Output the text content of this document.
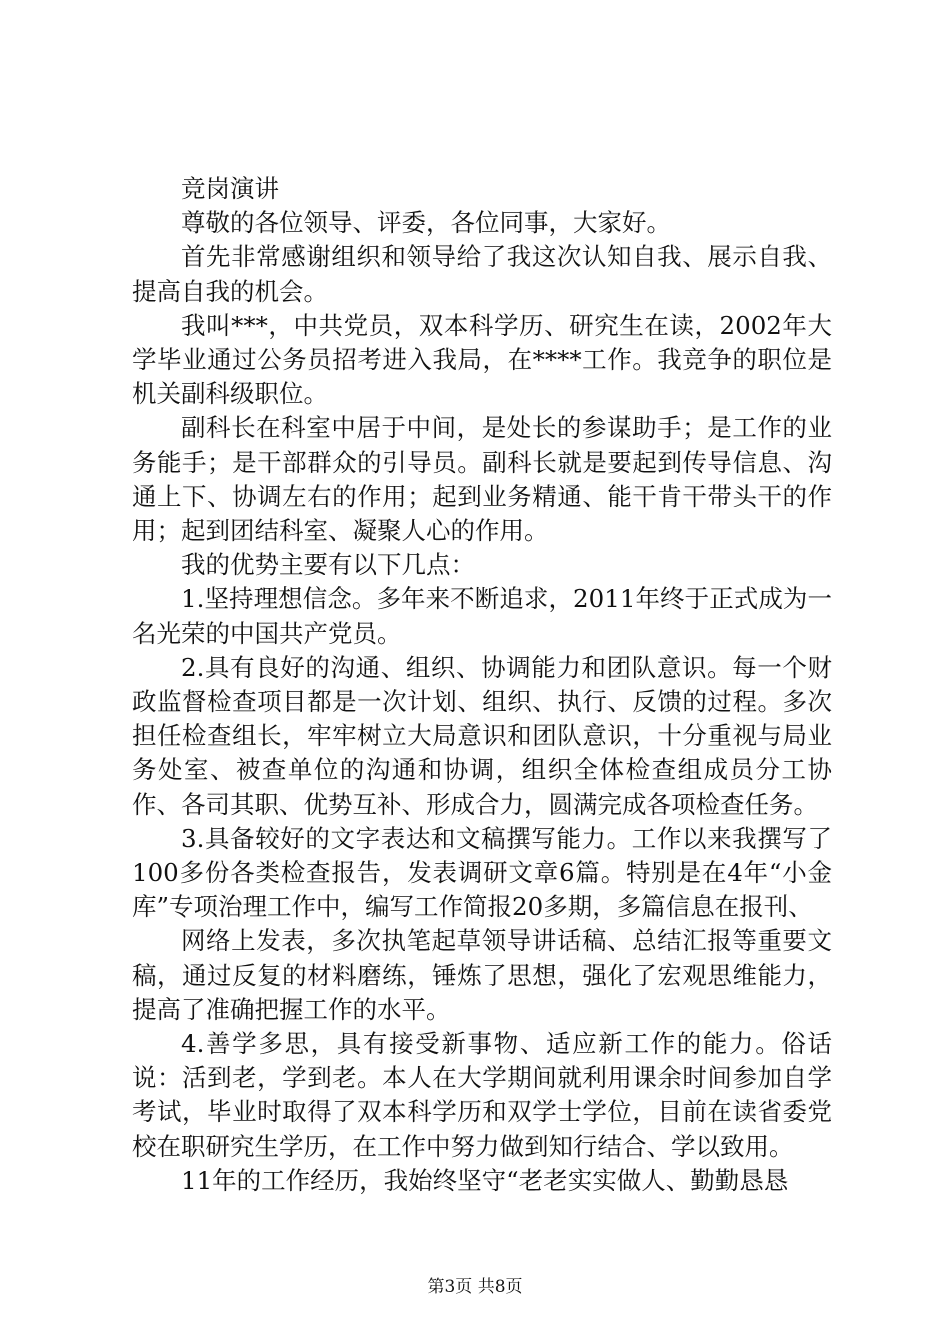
竞岗演讲

尊敬的各位领导、评委，各位同事，大家好。

首先非常感谢组织和领导给了我这次认知自我、展示自我、提高自我的机会。

我叫***，中共党员，双本科学历、研究生在读，2002年大学毕业通过公务员招考进入我局，在****工作。我竞争的职位是机关副科级职位。

副科长在科室中居于中间，是处长的参谋助手；是工作的业务能手；是干部群众的引导员。副科长就是要起到传导信息、沟通上下、协调左右的作用；起到业务精通、能干肯干带头干的作用；起到团结科室、凝聚人心的作用。

我的优势主要有以下几点：

1.坚持理想信念。多年来不断追求，2011年终于正式成为一名光荣的中国共产党员。

2.具有良好的沟通、组织、协调能力和团队意识。每一个财政监督检查项目都是一次计划、组织、执行、反馈的过程。多次担任检查组长，牢牢树立大局意识和团队意识，十分重视与局业务处室、被查单位的沟通和协调，组织全体检查组成员分工协作、各司其职、优势互补、形成合力，圆满完成各项检查任务。

3.具备较好的文字表达和文稿撰写能力。工作以来我撰写了100多份各类检查报告，发表调研文章6篇。特别是在4年“小金库”专项治理工作中，编写工作简报20多期，多篇信息在报刊、

网络上发表，多次执笔起草领导讲话稿、总结汇报等重要文稿，通过反复的材料磨练，锤炼了思想，强化了宏观思维能力，提高了准确把握工作的水平。

4.善学多思，具有接受新事物、适应新工作的能力。俗话说：活到老，学到老。本人在大学期间就利用课余时间参加自学考试，毕业时取得了双本科学历和双学士学位，目前在读省委党校在职研究生学历，在工作中努力做到知行结合、学以致用。

11年的工作经历，我始终坚守“老老实实做人、勤勤恳恳

第3页 共8页
